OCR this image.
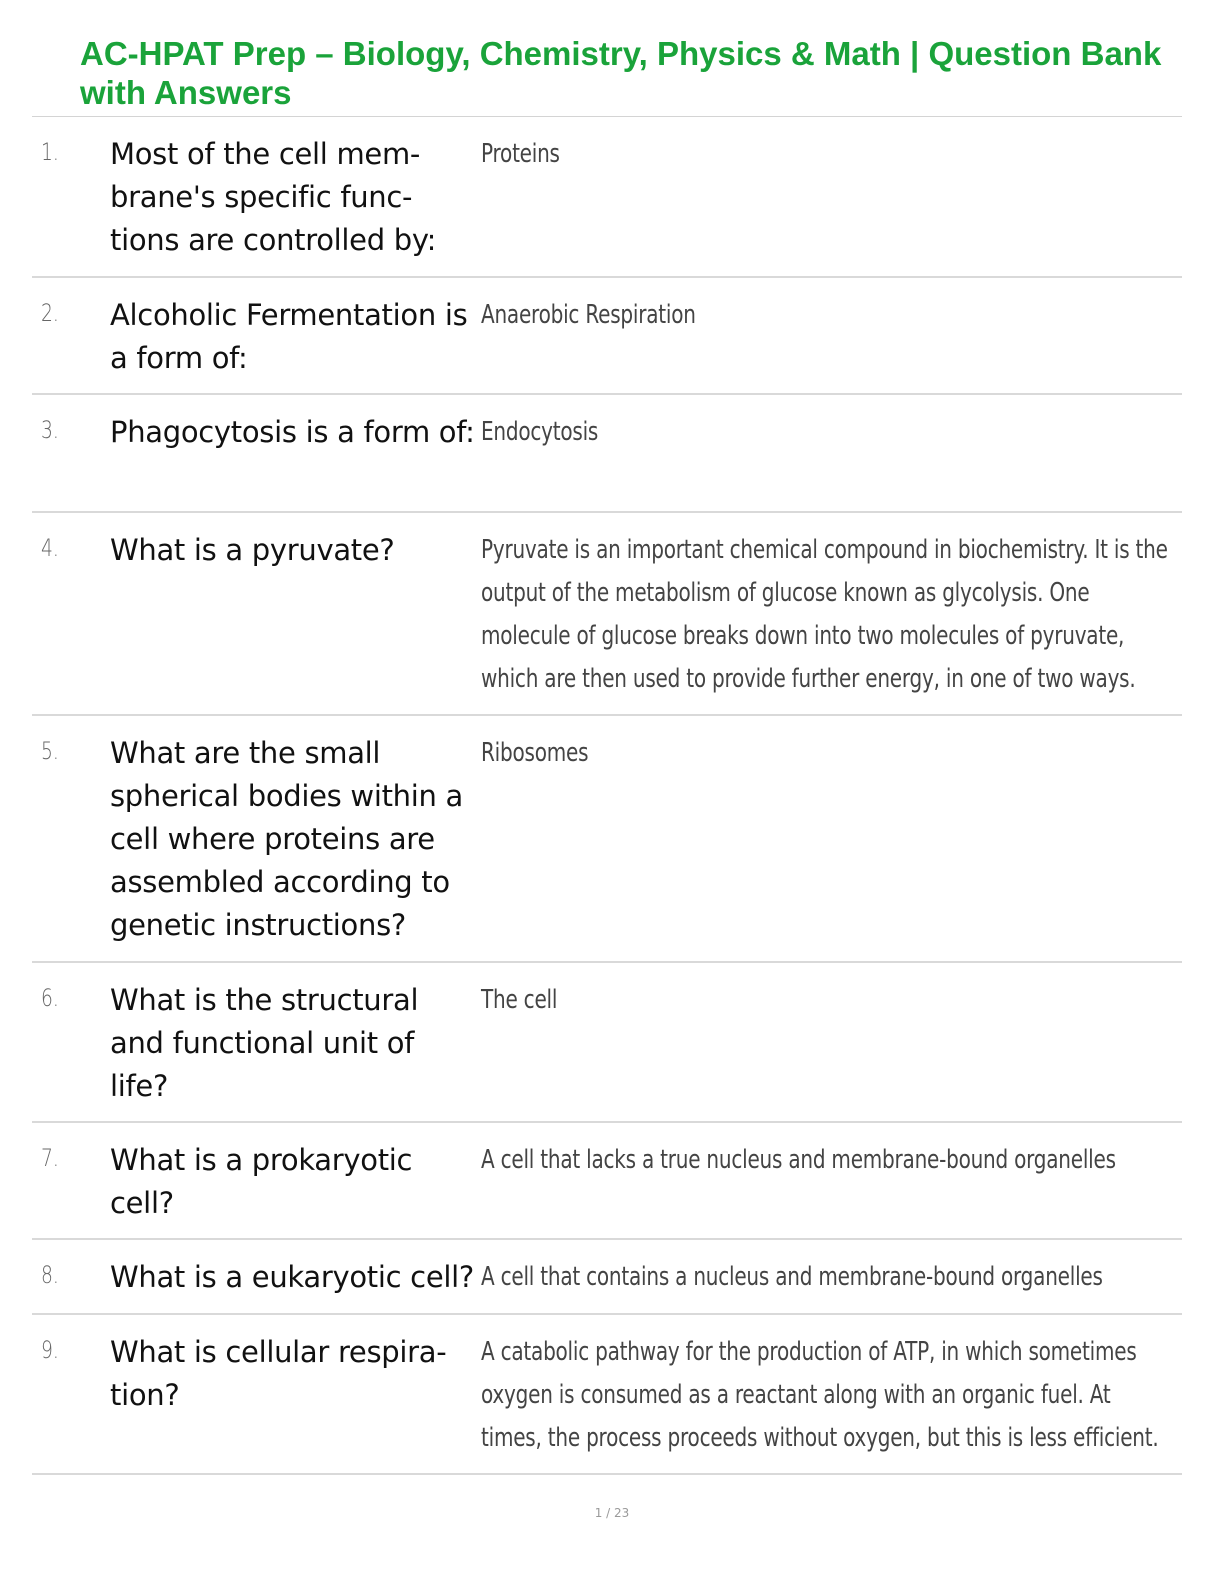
AC-HPAT Prep – Biology, Chemistry, Physics & Math | Question Bank with Answers
1. Most of the cell mem- brane's specific func- tions are controlled by:
Proteins
2. Alcoholic Fermentation is a form of:
Anaerobic Respiration
3. Phagocytosis is a form of: Endocytosis
4. What is a pyruvate?	Pyruvate is an important chemical compound in biochemistry. It is the output of the metabolism of glucose known as glycolysis. One molecule of glucose breaks down into two molecules of pyruvate, which are then used to provide further energy, in one of two ways.
5. What are the small spherical bodies within a cell where proteins are assembled according to genetic instructions?
Ribosomes
6. What is the structural and functional unit of life?
The cell
7. What is a prokaryotic cell?
A cell that lacks a true nucleus and membrane-bound organelles
8. What is a eukaryotic cell? A cell that contains a nucleus and membrane-bound organelles
9. What is cellular respira- tion?
A catabolic pathway for the production of ATP, in which sometimes oxygen is consumed as a reactant along with an organic fuel. At times, the process proceeds without oxygen, but this is less efficient.
1 / 23
